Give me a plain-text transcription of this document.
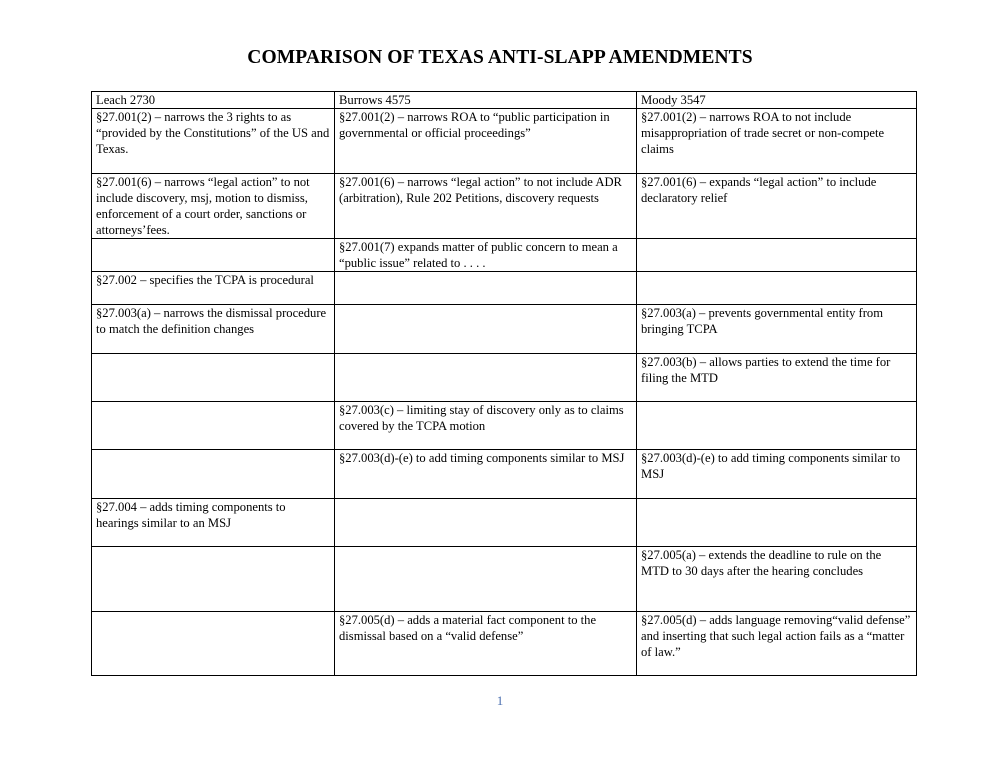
COMPARISON OF TEXAS ANTI-SLAPP AMENDMENTS
Leach 2730	Burrows 4575	Moody 3547
§27.001(2) – narrows the 3 rights to as “provided by the Constitutions” of the US and Texas.	§27.001(2) – narrows ROA to “public participation in governmental or official proceedings”	§27.001(2) – narrows ROA to not include misappropriation of trade secret or non-compete claims
§27.001(6) – narrows “legal action” to not include discovery, msj, motion to dismiss, enforcement of a court order, sanctions or attorneys’fees.	§27.001(6) – narrows “legal action” to not include ADR (arbitration), Rule 202 Petitions, discovery requests	§27.001(6) – expands “legal action” to include declaratory relief
	§27.001(7) expands matter of public concern to mean a “public issue” related to . . . .	
§27.002 – specifies the TCPA is procedural		
§27.003(a) – narrows the dismissal procedure to match the definition changes		§27.003(a) – prevents governmental entity from bringing TCPA
		§27.003(b) – allows parties to extend the time for filing the MTD
	§27.003(c) – limiting stay of discovery only as to claims covered by the TCPA motion	
	§27.003(d)-(e) to add timing components similar to MSJ	§27.003(d)-(e) to add timing components similar to MSJ
§27.004 – adds timing components to hearings similar to an MSJ		
		§27.005(a) – extends the deadline to rule on the MTD to 30 days after the hearing concludes
	§27.005(d) – adds a material fact component to the dismissal based on a “valid defense”	§27.005(d) – adds language removing“valid defense” and inserting that such legal action fails as a “matter of law.”
1
